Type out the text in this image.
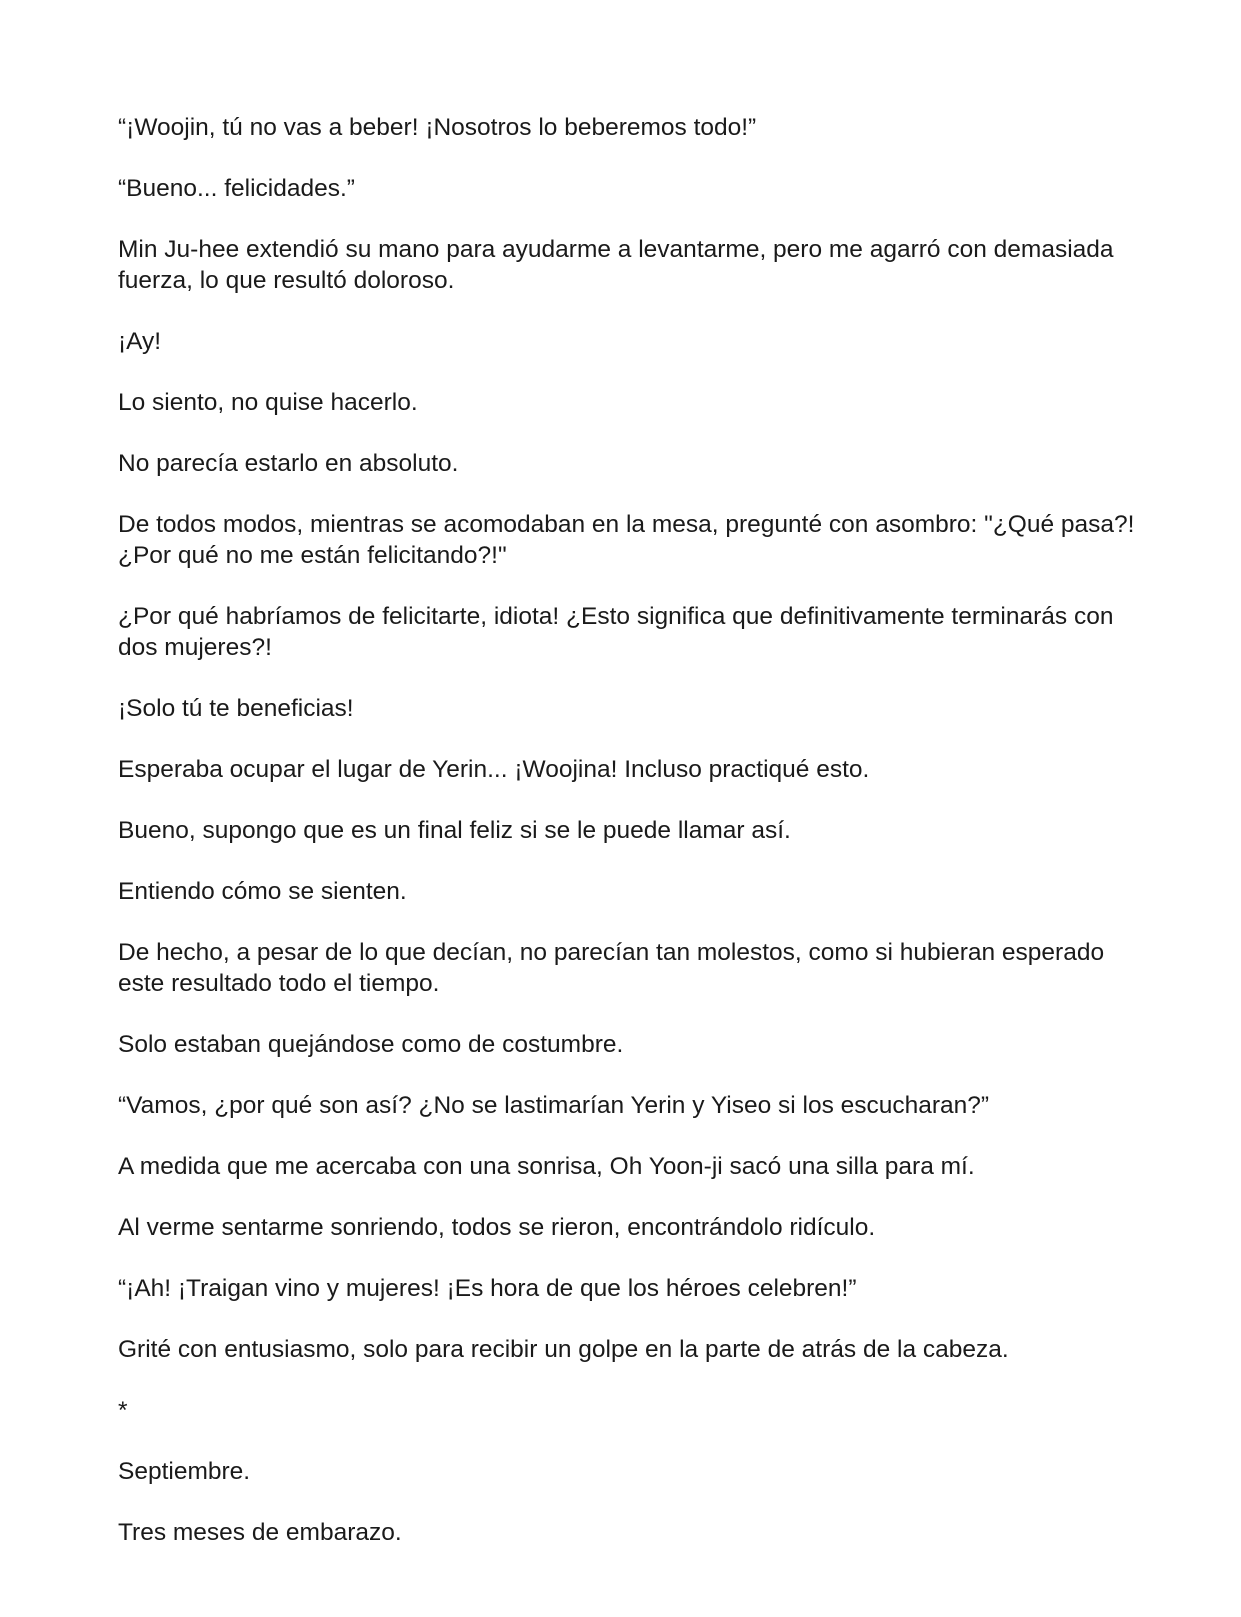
“¡Woojin, tú no vas a beber! ¡Nosotros lo beberemos todo!”

“Bueno... felicidades.”

Min Ju-hee extendió su mano para ayudarme a levantarme, pero me agarró con demasiada fuerza, lo que resultó doloroso.

¡Ay!

Lo siento, no quise hacerlo.

No parecía estarlo en absoluto.

De todos modos, mientras se acomodaban en la mesa, pregunté con asombro: "¿Qué pasa?! ¿Por qué no me están felicitando?!"

¿Por qué habríamos de felicitarte, idiota! ¿Esto significa que definitivamente terminarás con dos mujeres?!

¡Solo tú te beneficias!

Esperaba ocupar el lugar de Yerin... ¡Woojina! Incluso practiqué esto.

Bueno, supongo que es un final feliz si se le puede llamar así.

Entiendo cómo se sienten.

De hecho, a pesar de lo que decían, no parecían tan molestos, como si hubieran esperado este resultado todo el tiempo.

Solo estaban quejándose como de costumbre.

“Vamos, ¿por qué son así? ¿No se lastimarían Yerin y Yiseo si los escucharan?”

A medida que me acercaba con una sonrisa, Oh Yoon-ji sacó una silla para mí.

Al verme sentarme sonriendo, todos se rieron, encontrándolo ridículo.

“¡Ah! ¡Traigan vino y mujeres! ¡Es hora de que los héroes celebren!”

Grité con entusiasmo, solo para recibir un golpe en la parte de atrás de la cabeza.

*

Septiembre.

Tres meses de embarazo.
